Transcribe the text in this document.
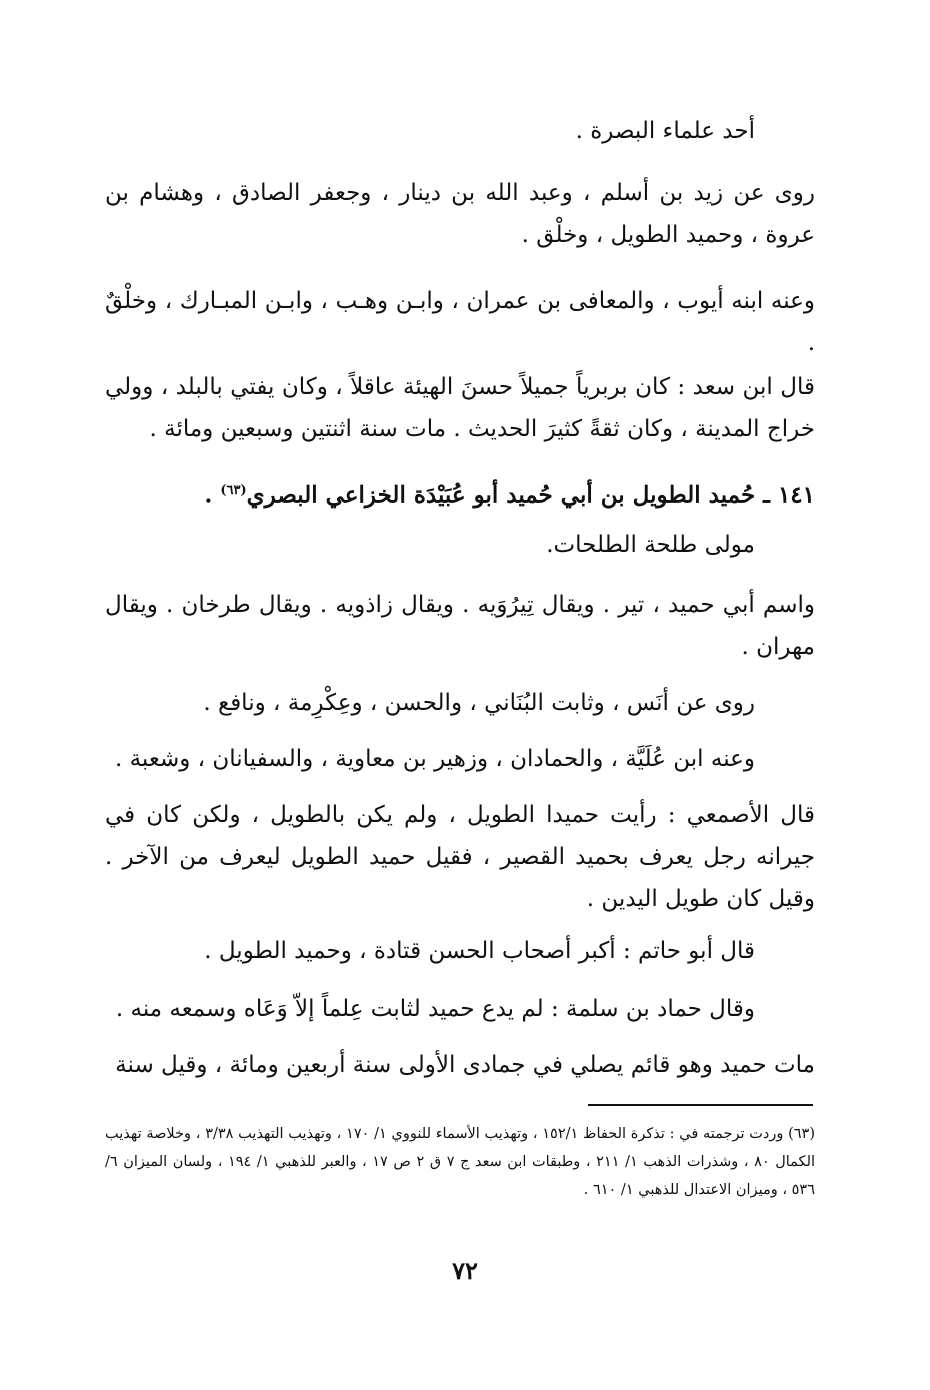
أحد علماء البصرة .

روى عن زيد بن أسلم ، وعبد الله بن دينار ، وجعفر الصادق ، وهشام بن عروة ، وحميد الطويل ، وخلْق .

وعنه ابنه أيوب ، والمعافى بن عمران ، وابـن وهـب ، وابـن المبـارك ، وخلْقٌ .

قال ابن سعد : كان بربرياً جميلاً حسنَ الهيئة عاقلاً ، وكان يفتي بالبلد ، وولي خراج المدينة ، وكان ثقةً كثيرَ الحديث . مات سنة اثنتين وسبعين ومائة .

١٤١ ـ حُميد الطويل بن أبي حُميد أبو عُبَيْدَة الخزاعي البصري$^{(٦٣)}$ .

مولى طلحة الطلحات.

واسم أبي حميد ، تير . ويقال تِيرُوَيه . ويقال زاذويه . ويقال طرخان . ويقال مهران .

روى عن أنَس ، وثابت البُنَاني ، والحسن ، وعِكْرِمة ، ونافع .

وعنه ابن عُلَيَّة ، والحمادان ، وزهير بن معاوية ، والسفيانان ، وشعبة .

قال الأصمعي : رأيت حميدا الطويل ، ولم يكن بالطويل ، ولكن كان في جيرانه رجل يعرف بحميد القصير ، فقيل حميد الطويل ليعرف من الآخر . وقيل كان طويل اليدين .

قال أبو حاتم : أكبر أصحاب الحسن قتادة ، وحميد الطويل .

وقال حماد بن سلمة : لم يدع حميد لثابت عِلماً إلاّ وَعَاه وسمعه منه .

مات حميد وهو قائم يصلي في جمادى الأولى سنة أربعين ومائة ، وقيل سنة

(٦٣) وردت ترجمته في : تذكرة الحفاظ ١٥٢/١ ، وتهذيب الأسماء للنووي ١/ ١٧٠ ، وتهذيب التهذيب ٣/٣٨ ، وخلاصة تهذيب الكمال ٨٠ ، وشذرات الذهب ١/ ٢١١ ، وطبقات ابن سعد ج ٧ ق ٢ ص ١٧ ، والعبر للذهبي ١/ ١٩٤ ، ولسان الميزان ٦/ ٥٣٦ ، وميزان الاعتدال للذهبي ١/ ٦١٠ .

٧٢
